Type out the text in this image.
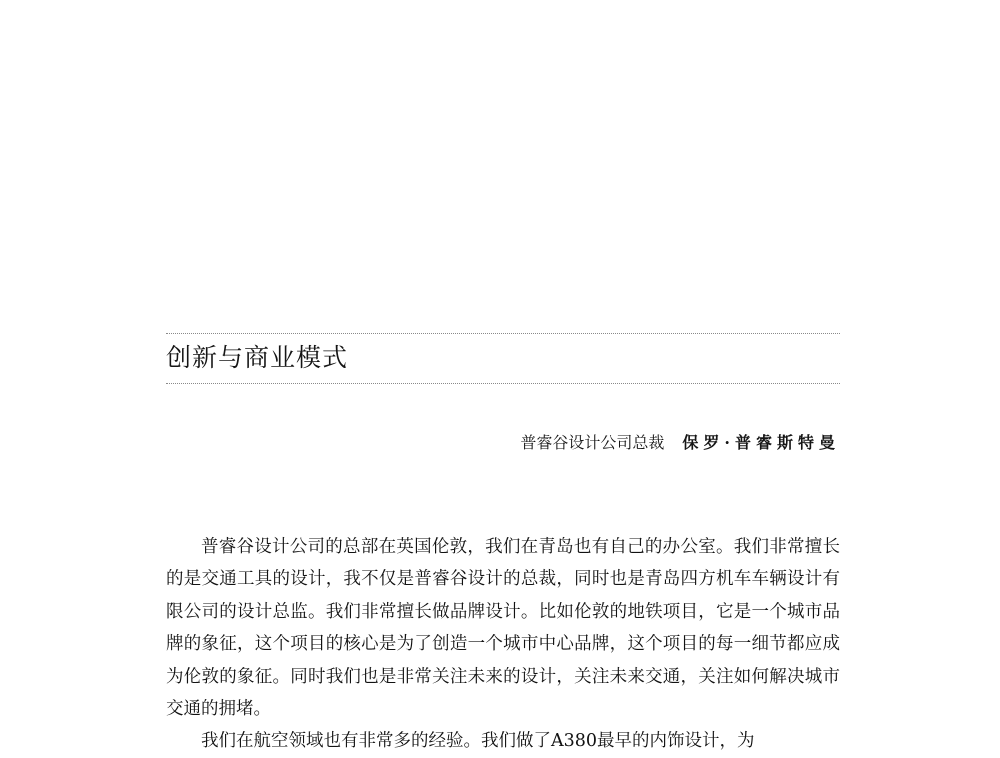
创新与商业模式
普睿谷设计公司总裁 保罗·普睿斯特曼

普睿谷设计公司的总部在英国伦敦，我们在青岛也有自己的办公室。我们非常擅长的是交通工具的设计，我不仅是普睿谷设计的总裁，同时也是青岛四方机车车辆设计有限公司的设计总监。我们非常擅长做品牌设计。比如伦敦的地铁项目，它是一个城市品牌的象征，这个项目的核心是为了创造一个城市中心品牌，这个项目的每一细节都应成为伦敦的象征。同时我们也是非常关注未来的设计，关注未来交通，关注如何解决城市交通的拥堵。

我们在航空领域也有非常多的经验。我们做了A380最早的内饰设计，为
